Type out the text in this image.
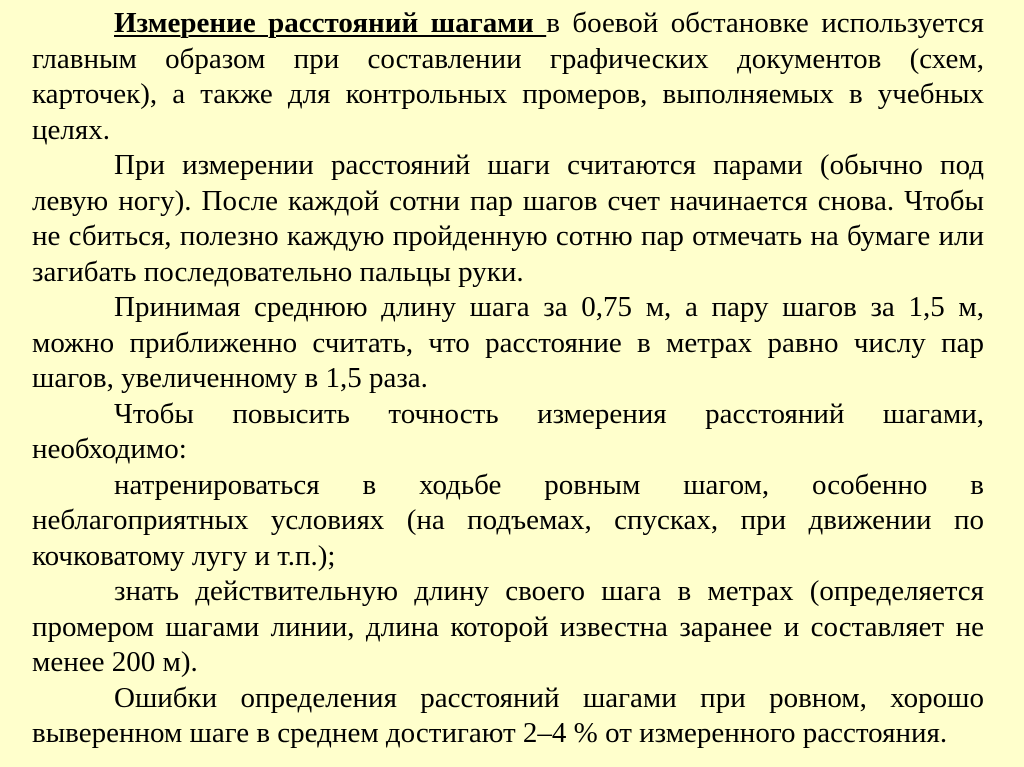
Измерение расстояний шагами в боевой обстановке используется главным образом при составлении графических документов (схем, карточек), а также для контрольных промеров, выполняемых в учебных целях.

При измерении расстояний шаги считаются парами (обычно под левую ногу). После каждой сотни пар шагов счет начинается снова. Чтобы не сбиться, полезно каждую пройденную сотню пар отмечать на бумаге или загибать последовательно пальцы руки.

Принимая среднюю длину шага за 0,75 м, а пару шагов за 1,5 м, можно приближенно считать, что расстояние в метрах равно числу пар шагов, увеличенному в 1,5 раза.

Чтобы повысить точность измерения расстояний шагами, необходимо:

натренироваться в ходьбе ровным шагом, особенно в неблагоприятных условиях (на подъемах, спусках, при движении по кочковатому лугу и т.п.);

знать действительную длину своего шага в метрах (определяется промером шагами линии, длина которой известна заранее и составляет не менее 200 м).

Ошибки определения расстояний шагами при ровном, хорошо выверенном шаге в среднем достигают 2–4 % от измеренного расстояния.
